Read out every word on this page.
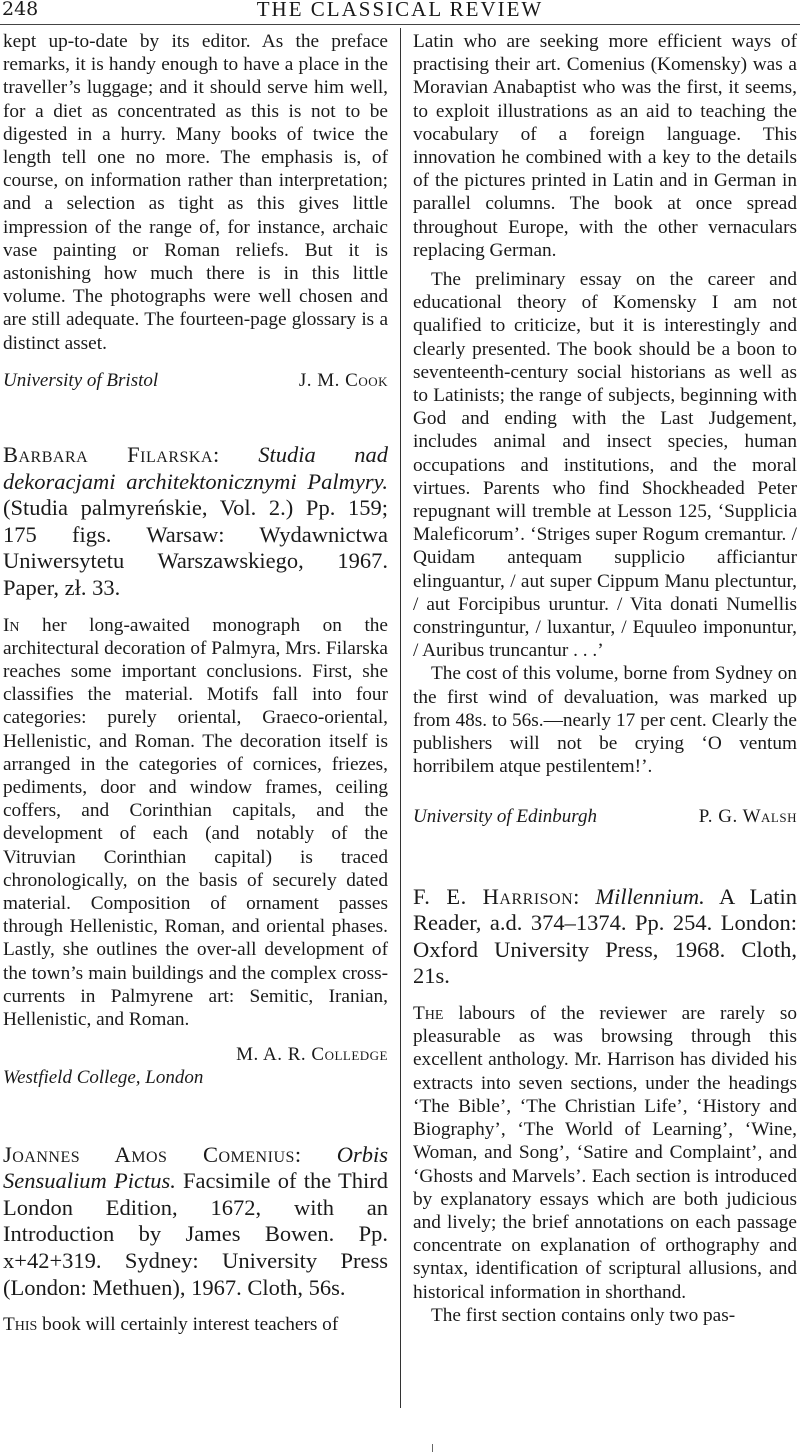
248	THE CLASSICAL REVIEW

kept up-to-date by its editor. As the preface remarks, it is handy enough to have a place in the traveller’s luggage; and it should serve him well, for a diet as concentrated as this is not to be digested in a hurry. Many books of twice the length tell one no more. The emphasis is, of course, on information rather than interpretation; and a selection as tight as this gives little impression of the range of, for instance, archaic vase painting or Roman reliefs. But it is astonishing how much there is in this little volume. The photographs were well chosen and are still adequate. The fourteen-page glossary is a distinct asset.

University of Bristol	J. M. Cook
Barbara Filarska: Studia nad dekoracjami architektonicznymi Palmyry. (Studia palmyreńskie, Vol. 2.) Pp. 159; 175 figs. Warsaw: Wydawnictwa Uniwersytetu Warszawskiego, 1967. Paper, zł. 33.

In her long-awaited monograph on the architectural decoration of Palmyra, Mrs. Filarska reaches some important conclusions. First, she classifies the material. Motifs fall into four categories: purely oriental, Graeco-oriental, Hellenistic, and Roman. The decoration itself is arranged in the categories of cornices, friezes, pediments, door and window frames, ceiling coffers, and Corinthian capitals, and the development of each (and notably of the Vitruvian Corinthian capital) is traced chronologically, on the basis of securely dated material. Composition of ornament passes through Hellenistic, Roman, and oriental phases. Lastly, she outlines the over-all development of the town’s main buildings and the complex cross-currents in Palmyrene art: Semitic, Iranian, Hellenistic, and Roman.

M. A. R. Colledge
Westfield College, London
Joannes Amos Comenius: Orbis Sensualium Pictus. Facsimile of the Third London Edition, 1672, with an Introduction by James Bowen. Pp. x+42+319. Sydney: University Press (London: Methuen), 1967. Cloth, 56s.

This book will certainly interest teachers of

Latin who are seeking more efficient ways of practising their art. Comenius (Komensky) was a Moravian Anabaptist who was the first, it seems, to exploit illustrations as an aid to teaching the vocabulary of a foreign language. This innovation he combined with a key to the details of the pictures printed in Latin and in German in parallel columns. The book at once spread throughout Europe, with the other vernaculars replacing German.

The preliminary essay on the career and educational theory of Komensky I am not qualified to criticize, but it is interestingly and clearly presented. The book should be a boon to seventeenth-century social historians as well as to Latinists; the range of subjects, beginning with God and ending with the Last Judgement, includes animal and insect species, human occupations and institutions, and the moral virtues. Parents who find Shockheaded Peter repugnant will tremble at Lesson 125, ‘Supplicia Maleficorum’. ‘Striges super Rogum cremantur. / Quidam antequam supplicio afficiantur elinguantur, / aut super Cippum Manu plectuntur, / aut Forcipibus uruntur. / Vita donati Numellis constringuntur, / luxantur, / Equuleo imponuntur, / Auribus truncantur . . .’

The cost of this volume, borne from Sydney on the first wind of devaluation, was marked up from 48s. to 56s.—nearly 17 per cent. Clearly the publishers will not be crying ‘O ventum horribilem atque pestilentem!’.

University of Edinburgh	P. G. Walsh
F. E. Harrison: Millennium. A Latin Reader, a.d. 374–1374. Pp. 254. London: Oxford University Press, 1968. Cloth, 21s.

The labours of the reviewer are rarely so pleasurable as was browsing through this excellent anthology. Mr. Harrison has divided his extracts into seven sections, under the headings ‘The Bible’, ‘The Christian Life’, ‘History and Biography’, ‘The World of Learning’, ‘Wine, Woman, and Song’, ‘Satire and Complaint’, and ‘Ghosts and Marvels’. Each section is introduced by explanatory essays which are both judicious and lively; the brief annotations on each passage concentrate on explanation of orthography and syntax, identification of scriptural allusions, and historical information in shorthand.

The first section contains only two pas-
